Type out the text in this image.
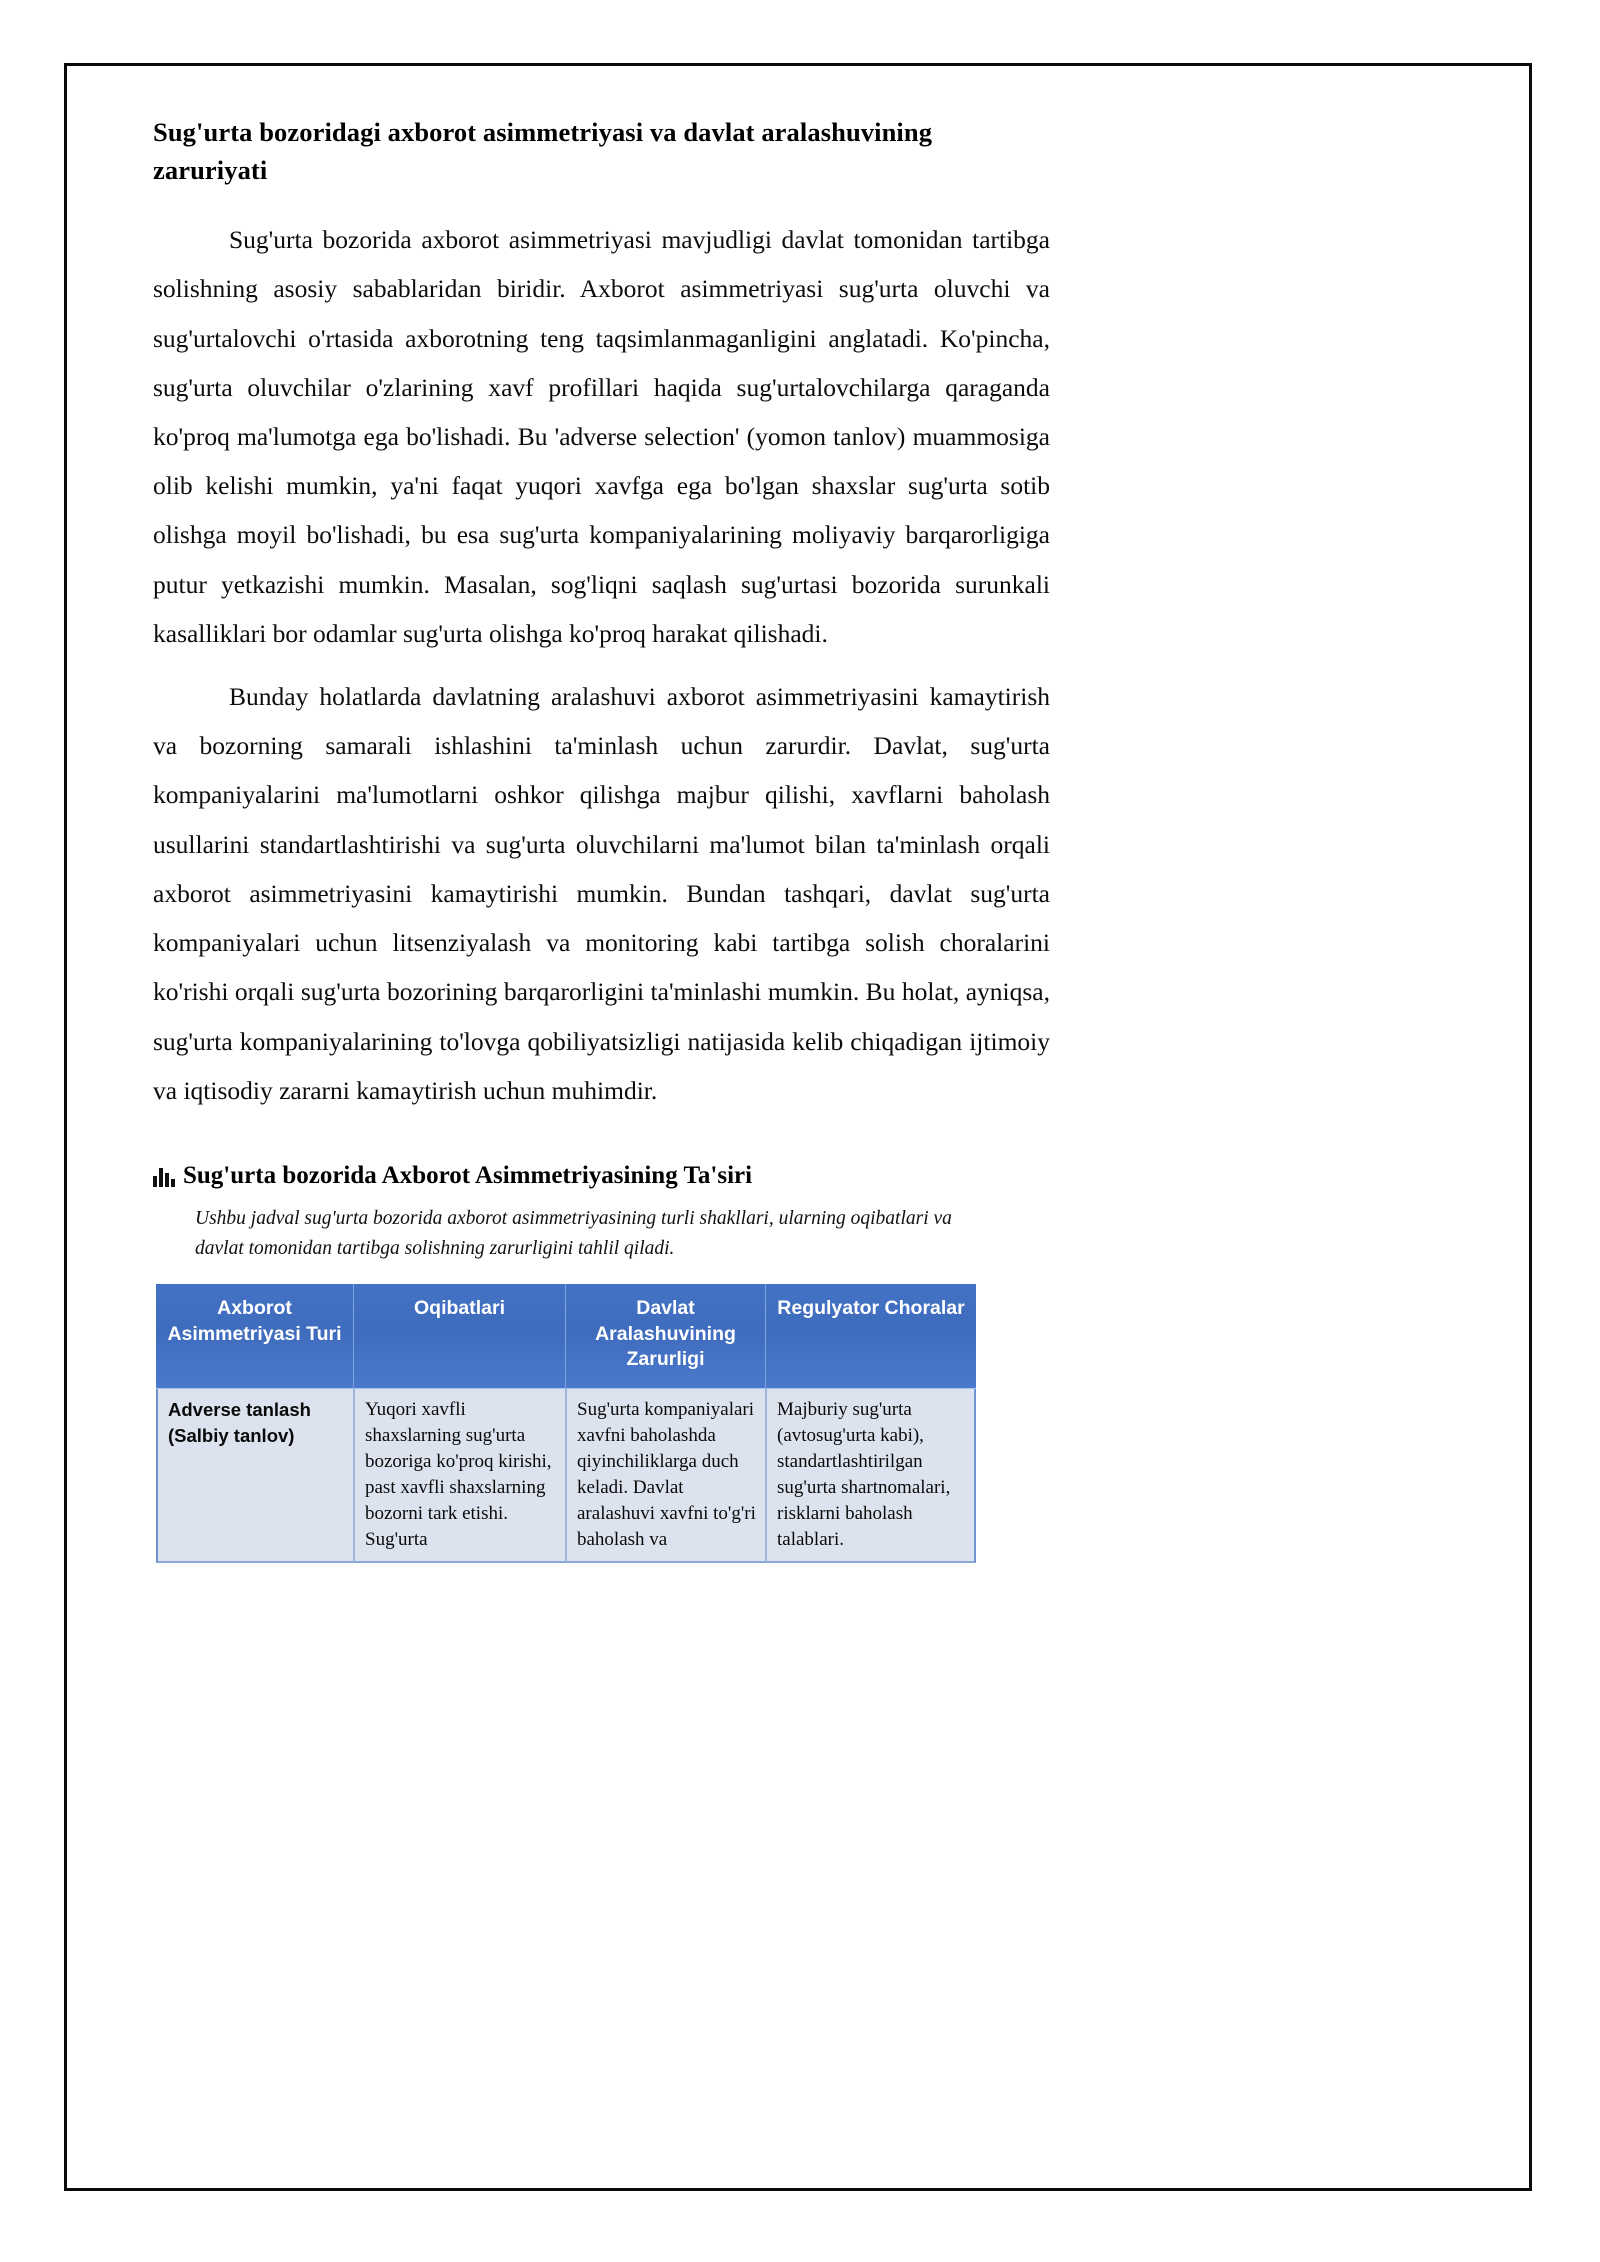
Sug'urta bozoridagi axborot asimmetriyasi va davlat aralashuvining zaruriyati

Sug'urta bozorida axborot asimmetriyasi mavjudligi davlat tomonidan tartibga solishning asosiy sabablaridan biridir. Axborot asimmetriyasi sug'urta oluvchi va sug'urtalovchi o'rtasida axborotning teng taqsimlanmaganligini anglatadi. Ko'pincha, sug'urta oluvchilar o'zlarining xavf profillari haqida sug'urtalovchilarga qaraganda ko'proq ma'lumotga ega bo'lishadi. Bu 'adverse selection' (yomon tanlov) muammosiga olib kelishi mumkin, ya'ni faqat yuqori xavfga ega bo'lgan shaxslar sug'urta sotib olishga moyil bo'lishadi, bu esa sug'urta kompaniyalarining moliyaviy barqarorligiga putur yetkazishi mumkin. Masalan, sog'liqni saqlash sug'urtasi bozorida surunkali kasalliklari bor odamlar sug'urta olishga ko'proq harakat qilishadi.

Bunday holatlarda davlatning aralashuvi axborot asimmetriyasini kamaytirish va bozorning samarali ishlashini ta'minlash uchun zarurdir. Davlat, sug'urta kompaniyalarini ma'lumotlarni oshkor qilishga majbur qilishi, xavflarni baholash usullarini standartlashtirishi va sug'urta oluvchilarni ma'lumot bilan ta'minlash orqali axborot asimmetriyasini kamaytirishi mumkin. Bundan tashqari, davlat sug'urta kompaniyalari uchun litsenziyalash va monitoring kabi tartibga solish choralarini ko'rishi orqali sug'urta bozorining barqarorligini ta'minlashi mumkin. Bu holat, ayniqsa, sug'urta kompaniyalarining to'lovga qobiliyatsizligi natijasida kelib chiqadigan ijtimoiy va iqtisodiy zararni kamaytirish uchun muhimdir.

Sug'urta bozorida Axborot Asimmetriyasining Ta'siri
Ushbu jadval sug'urta bozorida axborot asimmetriyasining turli shakllari, ularning oqibatlari va davlat tomonidan tartibga solishning zarurligini tahlil qiladi.
Axborot Asimmetriyasi Turi	Oqibatlari	Davlat Aralashuvining Zarurligi	Regulyator Choralar
Adverse tanlash (Salbiy tanlov)	Yuqori xavfli shaxslarning sug'urta bozoriga ko'proq kirishi, past xavfli shaxslarning bozorni tark etishi. Sug'urta	Sug'urta kompaniyalari xavfni baholashda qiyinchiliklarga duch keladi. Davlat aralashuvi xavfni to'g'ri baholash va	Majburiy sug'urta (avtosug'urta kabi), standartlashtirilgan sug'urta shartnomalari, risklarni baholash talablari.
